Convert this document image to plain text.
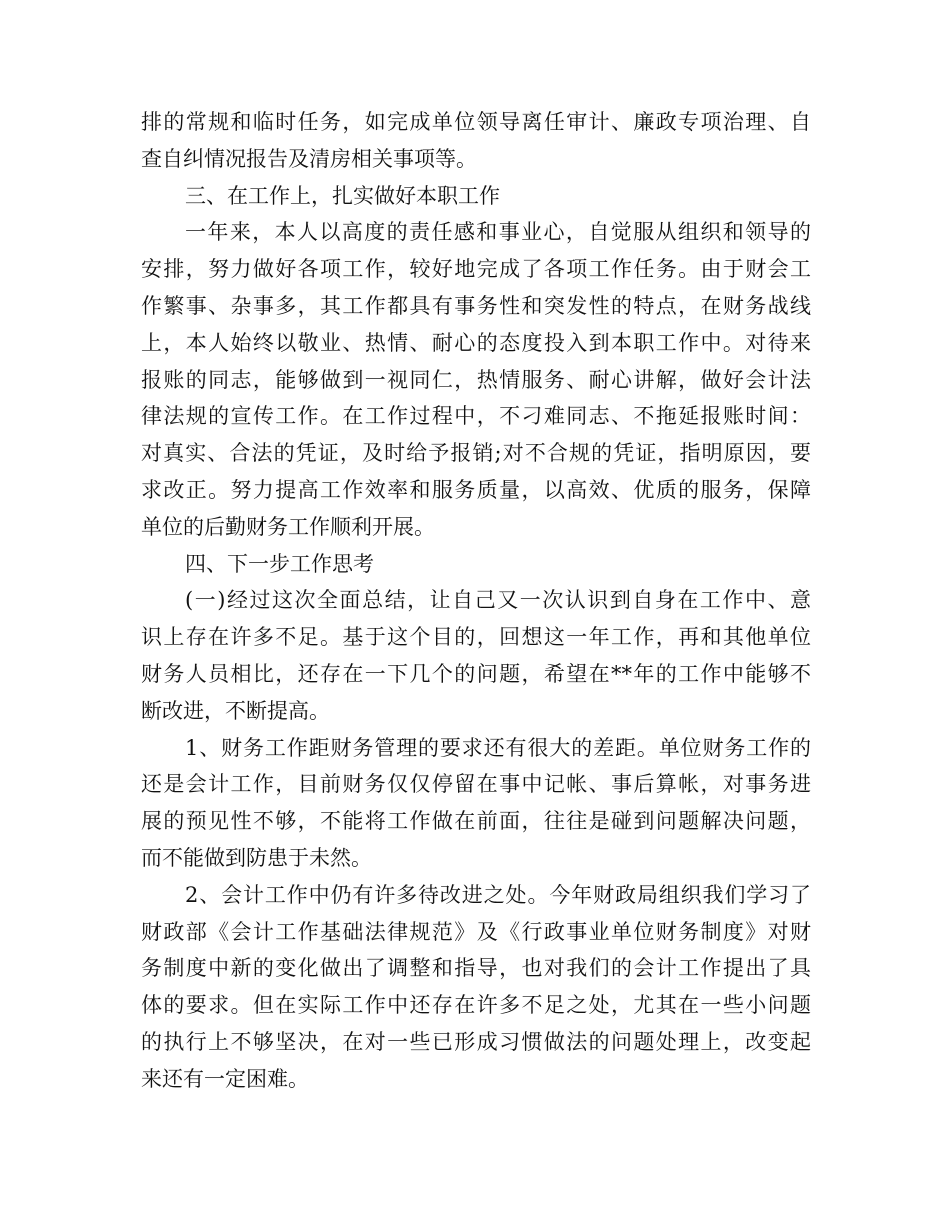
排的常规和临时任务，如完成单位领导离任审计、廉政专项治理、自
查自纠情况报告及清房相关事项等。
三、在工作上，扎实做好本职工作
一年来，本人以高度的责任感和事业心，自觉服从组织和领导的
安排，努力做好各项工作，较好地完成了各项工作任务。由于财会工
作繁事、杂事多，其工作都具有事务性和突发性的特点，在财务战线
上，本人始终以敬业、热情、耐心的态度投入到本职工作中。对待来
报账的同志，能够做到一视同仁，热情服务、耐心讲解，做好会计法
律法规的宣传工作。在工作过程中，不刁难同志、不拖延报账时间：
对真实、合法的凭证，及时给予报销;对不合规的凭证，指明原因，要
求改正。努力提高工作效率和服务质量，以高效、优质的服务，保障
单位的后勤财务工作顺利开展。
四、下一步工作思考
(一)经过这次全面总结，让自己又一次认识到自身在工作中、意
识上存在许多不足。基于这个目的，回想这一年工作，再和其他单位
财务人员相比，还存在一下几个的问题，希望在**年的工作中能够不
断改进，不断提高。
1、财务工作距财务管理的要求还有很大的差距。单位财务工作的
还是会计工作，目前财务仅仅停留在事中记帐、事后算帐，对事务进
展的预见性不够，不能将工作做在前面，往往是碰到问题解决问题，
而不能做到防患于未然。
2、会计工作中仍有许多待改进之处。今年财政局组织我们学习了
财政部《会计工作基础法律规范》及《行政事业单位财务制度》对财
务制度中新的变化做出了调整和指导，也对我们的会计工作提出了具
体的要求。但在实际工作中还存在许多不足之处，尤其在一些小问题
的执行上不够坚决，在对一些已形成习惯做法的问题处理上，改变起
来还有一定困难。
